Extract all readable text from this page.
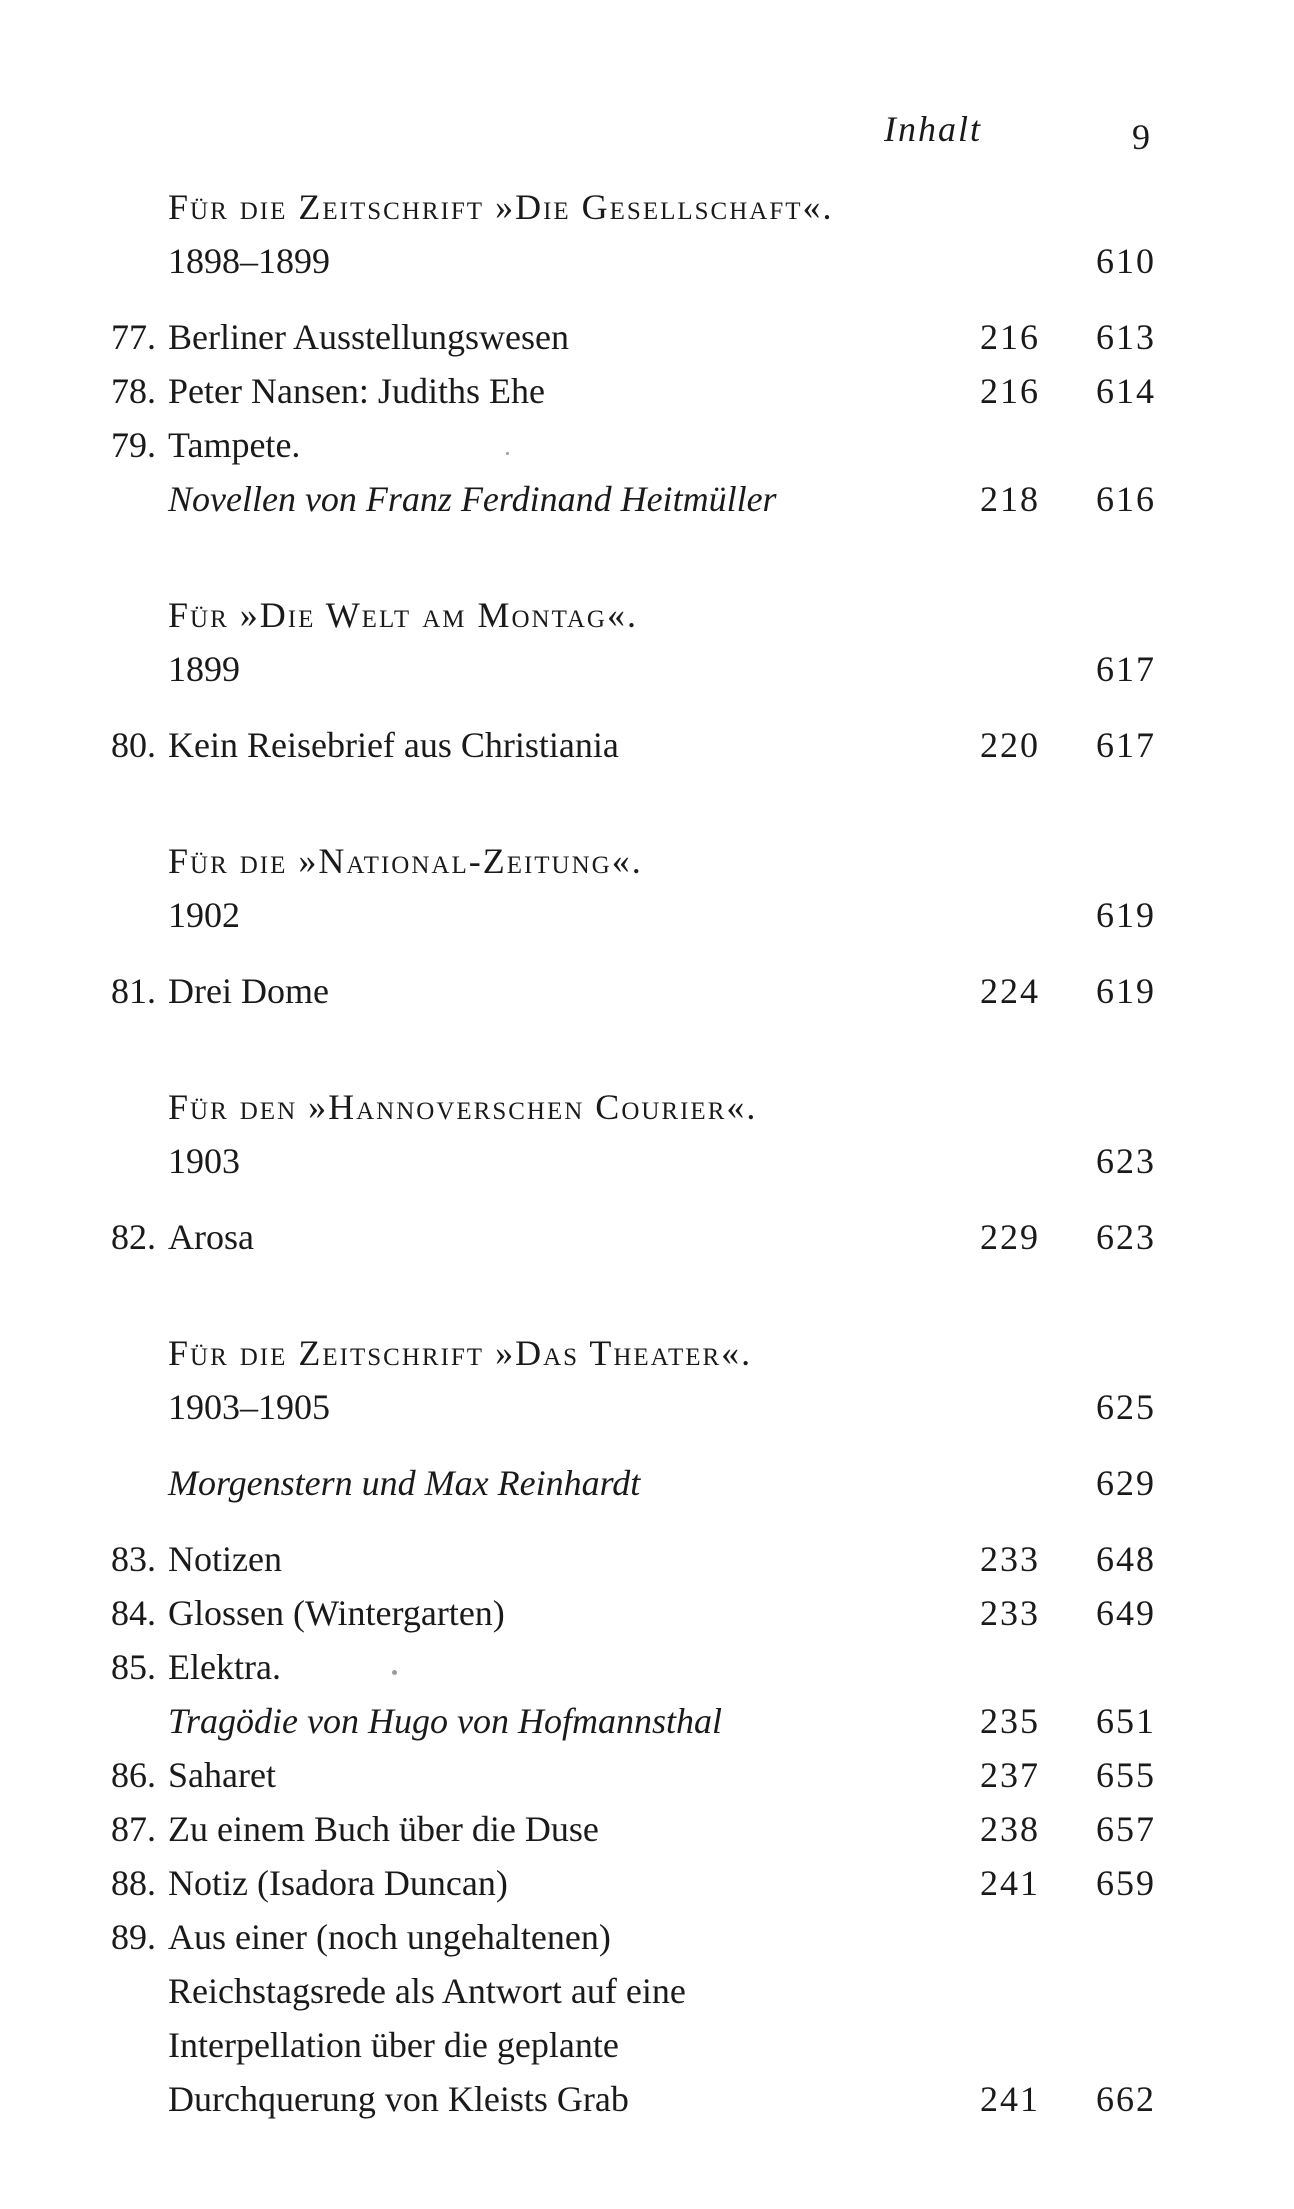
Inhalt	9
Für die Zeitschrift »Die Gesellschaft«.
1898–1899	610
77. Berliner Ausstellungswesen	216	613
78. Peter Nansen: Judiths Ehe	216	614
79. Tampete.
Novellen von Franz Ferdinand Heitmüller	218	616
Für »Die Welt am Montag«.
1899	617
80. Kein Reisebrief aus Christiania	220	617
Für die »National-Zeitung«.
1902	619
81. Drei Dome	224	619
Für den »Hannoverschen Courier«.
1903	623
82. Arosa	229	623
Für die Zeitschrift »Das Theater«.
1903–1905	625
Morgenstern und Max Reinhardt	629
83. Notizen	233	648
84. Glossen (Wintergarten)	233	649
85. Elektra.
Tragödie von Hugo von Hofmannsthal	235	651
86. Saharet	237	655
87. Zu einem Buch über die Duse	238	657
88. Notiz (Isadora Duncan)	241	659
89. Aus einer (noch ungehaltenen)
Reichstagsrede als Antwort auf eine
Interpellation über die geplante
Durchquerung von Kleists Grab	241	662
